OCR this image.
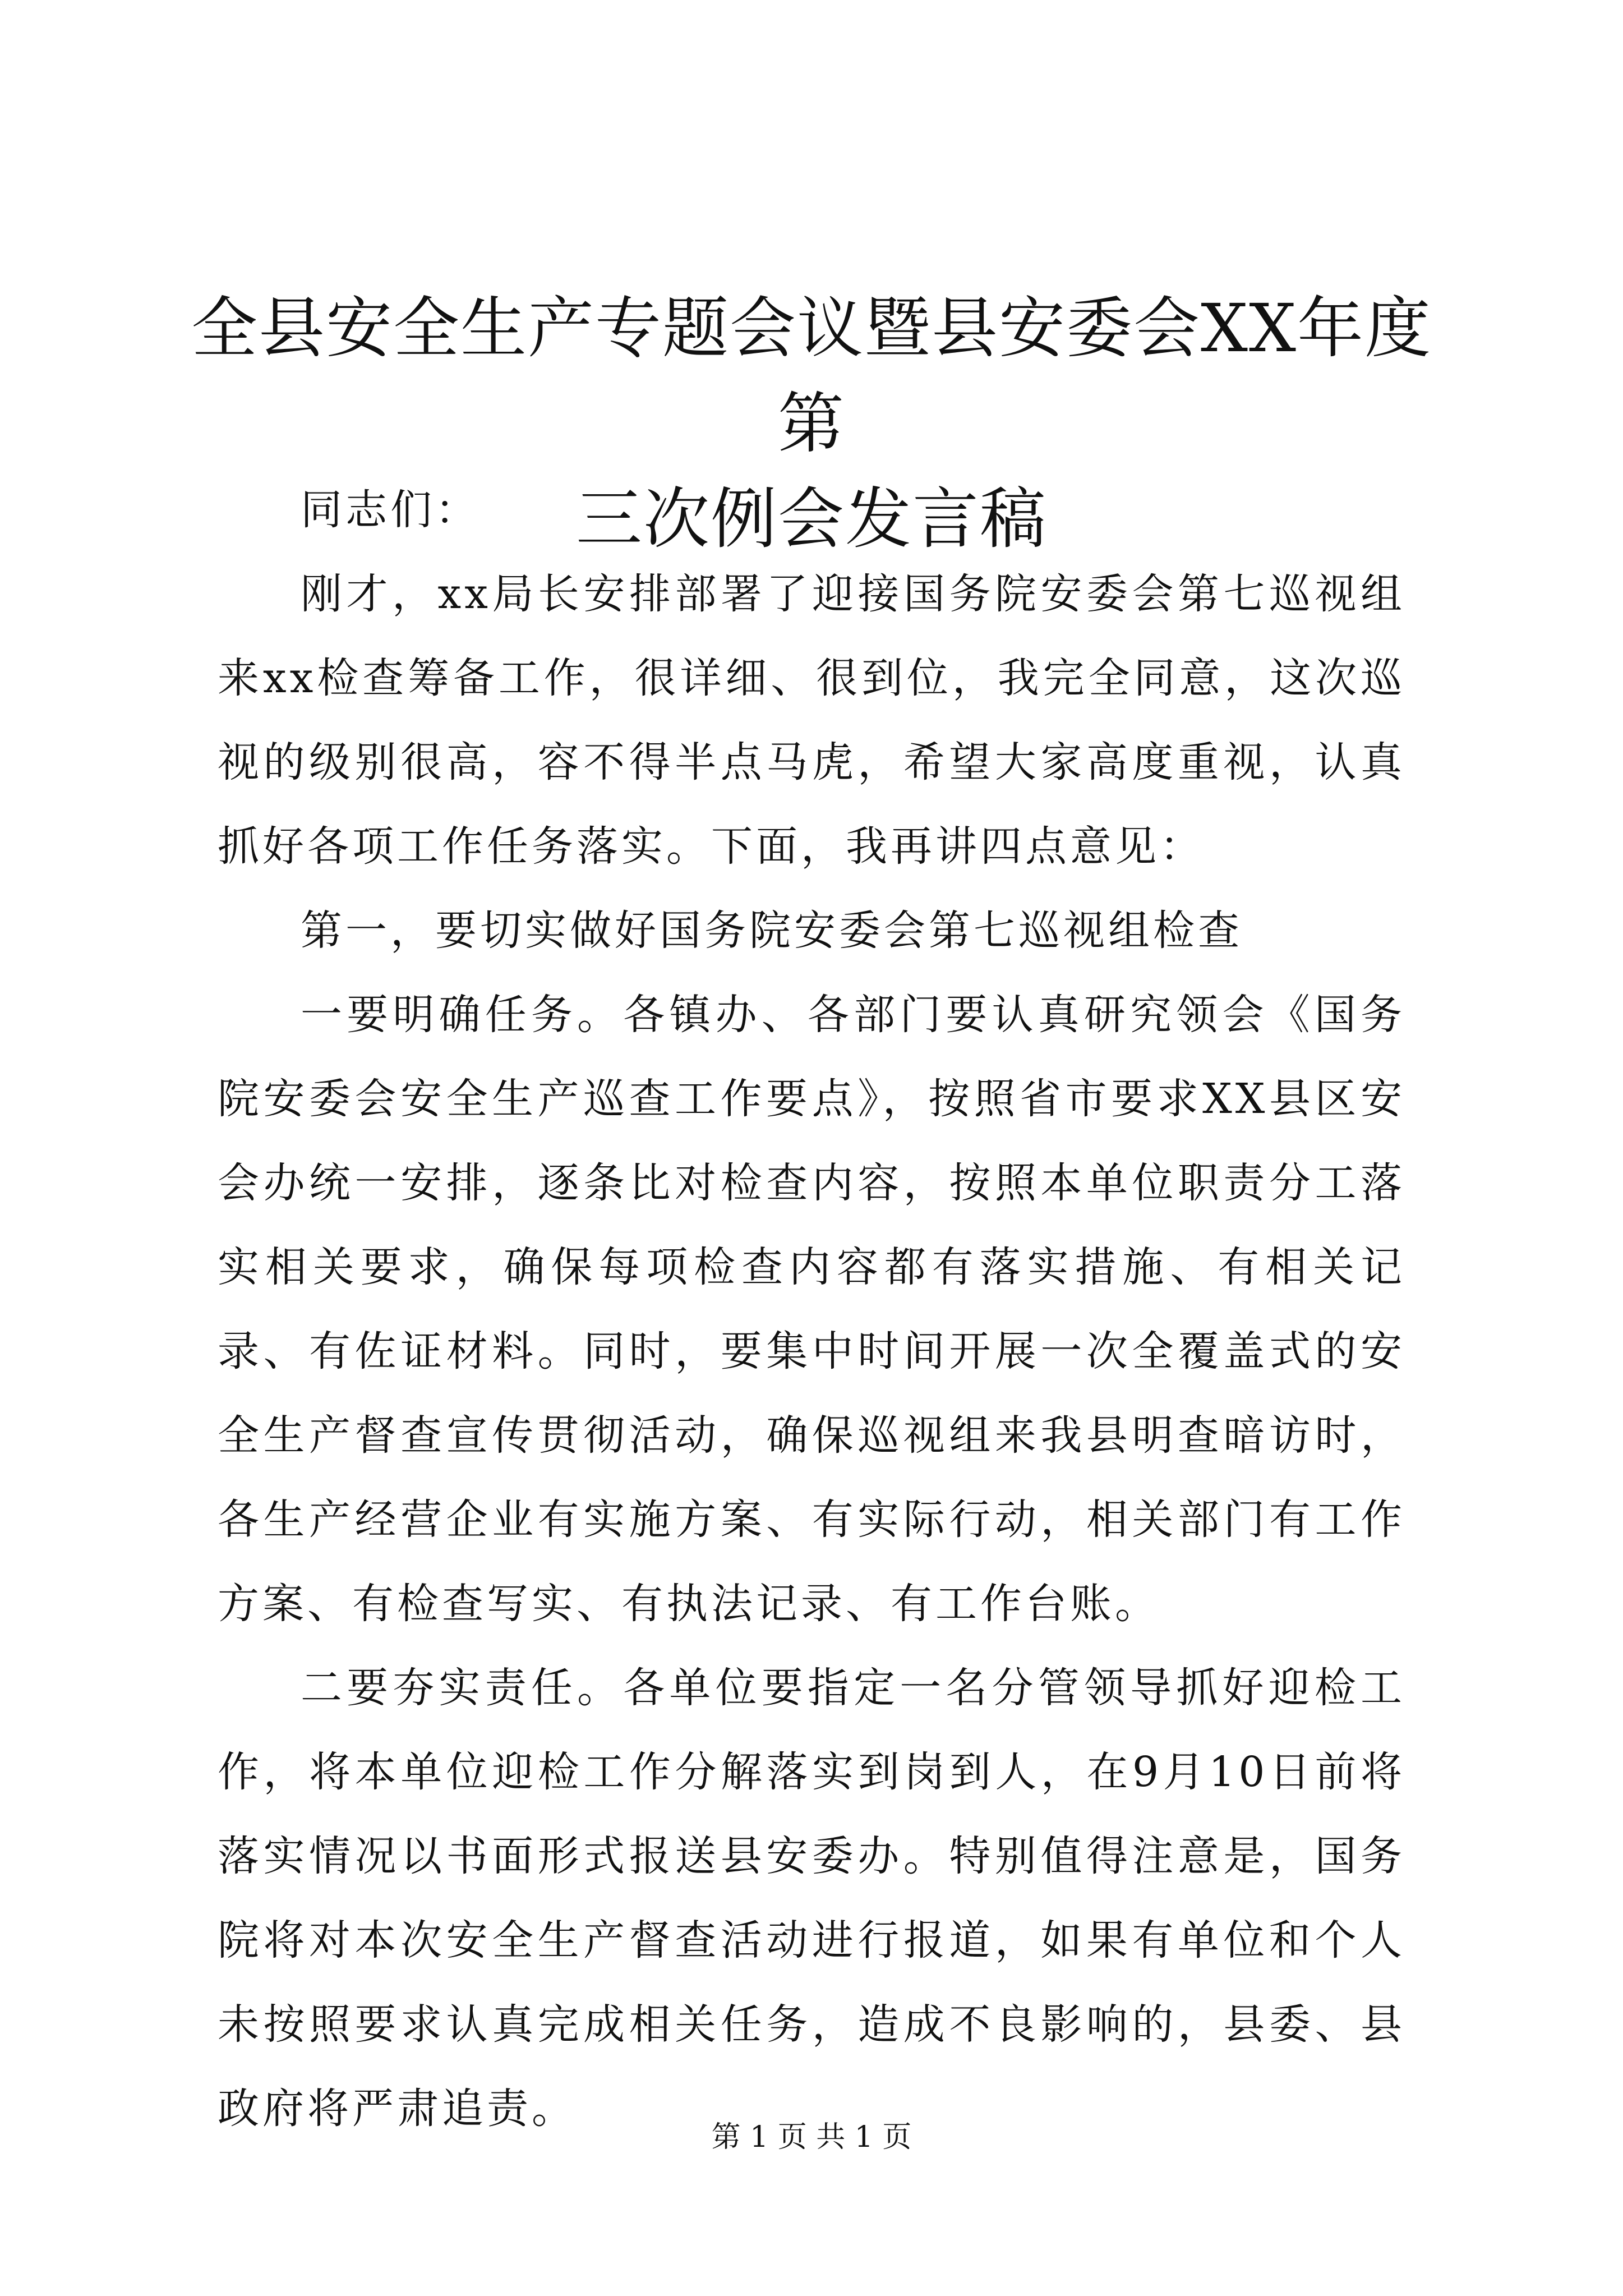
全县安全生产专题会议暨县安委会XX年度第
三次例会发言稿

同志们：

刚才，xx局长安排部署了迎接国务院安委会第七巡视组来xx检查筹备工作，很详细、很到位，我完全同意，这次巡视的级别很高，容不得半点马虎，希望大家高度重视，认真抓好各项工作任务落实。下面，我再讲四点意见：

第一，要切实做好国务院安委会第七巡视组检查

一要明确任务。各镇办、各部门要认真研究领会《国务院安委会安全生产巡查工作要点》，按照省市要求XX县区安会办统一安排，逐条比对检查内容，按照本单位职责分工落实相关要求，确保每项检查内容都有落实措施、有相关记录、有佐证材料。同时，要集中时间开展一次全覆盖式的安全生产督查宣传贯彻活动，确保巡视组来我县明查暗访时，各生产经营企业有实施方案、有实际行动，相关部门有工作方案、有检查写实、有执法记录、有工作台账。

二要夯实责任。各单位要指定一名分管领导抓好迎检工作，将本单位迎检工作分解落实到岗到人，在9月10日前将落实情况以书面形式报送县安委办。特别值得注意是，国务院将对本次安全生产督查活动进行报道，如果有单位和个人未按照要求认真完成相关任务，造成不良影响的，县委、县政府将严肃追责。

第 1 页 共 1 页
